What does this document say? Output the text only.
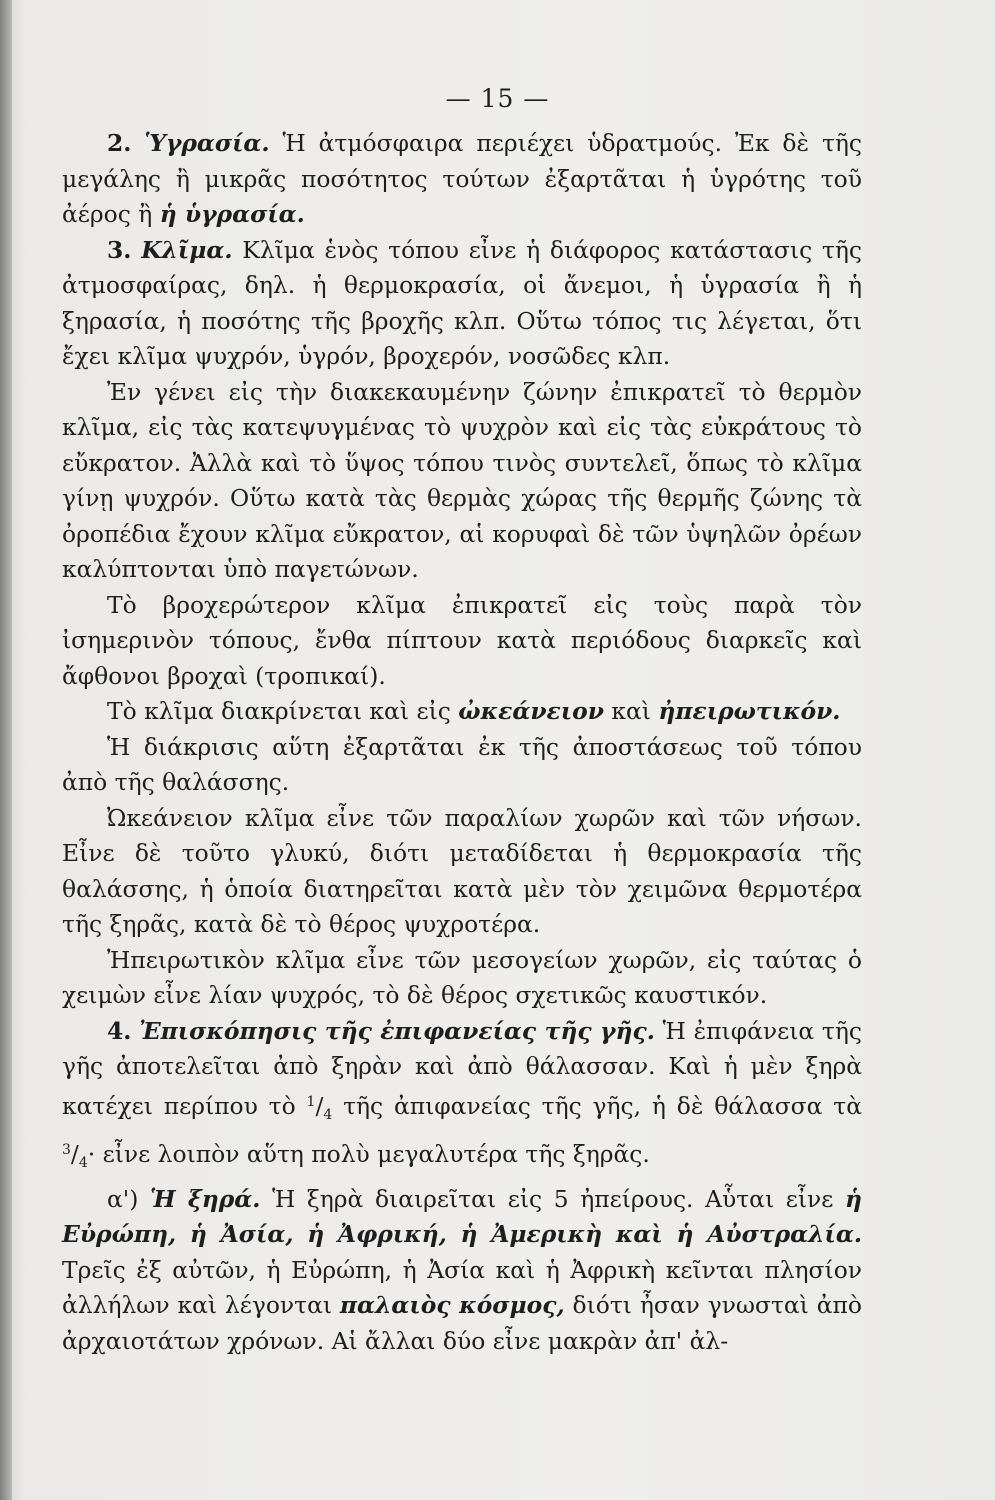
— 15 —

2. Ὑγρασία. Ἡ ἀτμόσφαιρα περιέχει ὑδρατμούς. Ἐκ δὲ τῆς μεγάλης ἢ μικρᾶς ποσότητος τούτων ἐξαρτᾶται ἡ ὑγρότης τοῦ ἀέρος ἢ ἡ ὑγρασία.

3. Κλῖμα. Κλῖμα ἑνὸς τόπου εἶνε ἡ διάφορος κατάστασις τῆς ἀτμοσφαίρας, δηλ. ἡ θερμοκρασία, οἱ ἄνεμοι, ἡ ὑγρασία ἢ ἡ ξηρασία, ἡ ποσότης τῆς βροχῆς κλπ. Οὕτω τόπος τις λέγεται, ὅτι ἔχει κλῖμα ψυχρόν, ὑγρόν, βροχερόν, νοσῶδες κλπ.

Ἐν γένει εἰς τὴν διακεκαυμένην ζώνην ἐπικρατεῖ τὸ θερμὸν κλῖμα, εἰς τὰς κατεψυγμένας τὸ ψυχρὸν καὶ εἰς τὰς εὐκράτους τὸ εὔκρατον. Ἀλλὰ καὶ τὸ ὕψος τόπου τινὸς συντελεῖ, ὅπως τὸ κλῖμα γίνῃ ψυχρόν. Οὕτω κατὰ τὰς θερμὰς χώρας τῆς θερμῆς ζώνης τὰ ὀροπέδια ἔχουν κλῖμα εὔκρατον, αἱ κορυφαὶ δὲ τῶν ὑψηλῶν ὀρέων καλύπτονται ὑπὸ παγετώνων.

Τὸ βροχερώτερον κλῖμα ἐπικρατεῖ εἰς τοὺς παρὰ τὸν ἰσημερινὸν τόπους, ἔνθα πίπτουν κατὰ περιόδους διαρκεῖς καὶ ἄφθονοι βροχαὶ (τροπικαί).

Τὸ κλῖμα διακρίνεται καὶ εἰς ὠκεάνειον καὶ ἠπειρωτικόν.

Ἡ διάκρισις αὕτη ἐξαρτᾶται ἐκ τῆς ἀποστάσεως τοῦ τόπου ἀπὸ τῆς θαλάσσης.

Ὠκεάνειον κλῖμα εἶνε τῶν παραλίων χωρῶν καὶ τῶν νήσων. Εἶνε δὲ τοῦτο γλυκύ, διότι μεταδίδεται ἡ θερμοκρασία τῆς θαλάσσης, ἡ ὁποία διατηρεῖται κατὰ μὲν τὸν χειμῶνα θερμοτέρα τῆς ξηρᾶς, κατὰ δὲ τὸ θέρος ψυχροτέρα.

Ἠπειρωτικὸν κλῖμα εἶνε τῶν μεσογείων χωρῶν, εἰς ταύτας ὁ χειμὼν εἶνε λίαν ψυχρός, τὸ δὲ θέρος σχετικῶς καυστικόν.

4. Ἐπισκόπησις τῆς ἐπιφανείας τῆς γῆς. Ἡ ἐπιφάνεια τῆς γῆς ἀποτελεῖται ἀπὸ ξηρὰν καὶ ἀπὸ θάλασσαν. Καὶ ἡ μὲν ξηρὰ κατέχει περίπου τὸ $^1/_4$ τῆς ἀπιφανείας τῆς γῆς, ἡ δὲ θάλασσα τὰ $^3/_4\cdot$ εἶνε λοιπὸν αὕτη πολὺ μεγαλυτέρα τῆς ξηρᾶς.

α') Ἡ ξηρά. Ἡ ξηρὰ διαιρεῖται εἰς 5 ἠπείρους. Αὗται εἶνε ἡ Εὐρώπη, ἡ Ἀσία, ἡ Ἀφρική, ἡ Ἀμερικὴ καὶ ἡ Αὐστραλία. Τρεῖς ἐξ αὐτῶν, ἡ Εὐρώπη, ἡ Ἀσία καὶ ἡ Ἀφρικὴ κεῖνται πλησίον ἀλλήλων καὶ λέγονται παλαιὸς κόσμος, διότι ἦσαν γνωσταὶ ἀπὸ ἀρχαιοτάτων χρόνων. Αἱ ἄλλαι δύο εἶνε μακρὰν ἀπ' ἀλ-
